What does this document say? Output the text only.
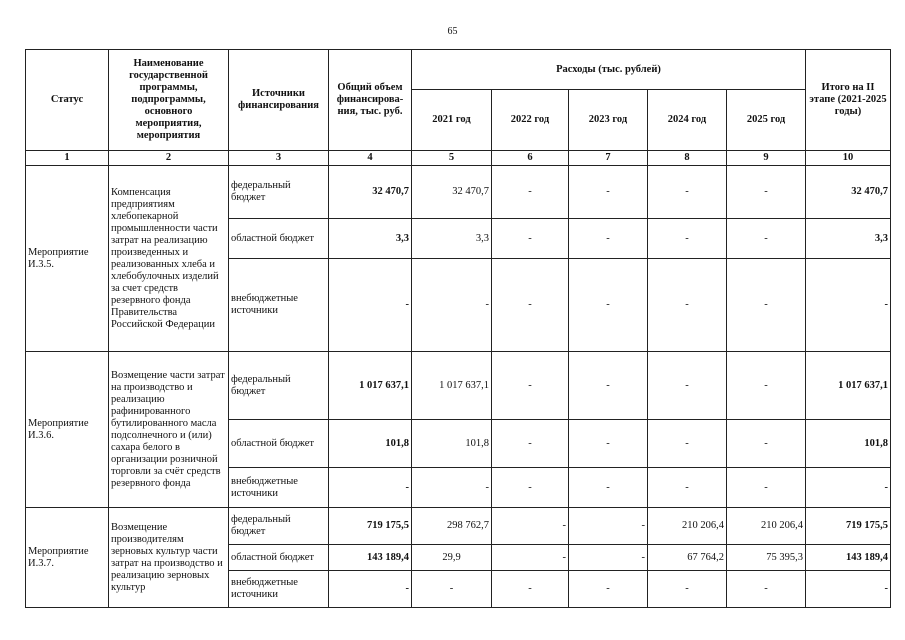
65
Статус	Наименование государственной программы, подпрограммы, основного мероприятия, мероприятия	Источники финансирования	Общий объем финансирова-ния, тыс. руб.	Расходы (тыс. рублей)					Итого на II этапе (2021-2025 годы)
				2021 год	2022 год	2023 год	2024 год	2025 год	
1	2	3	4	5	6	7	8	9	10
Мероприятие И.3.5.	Компенсация предприятиям хлебопекарной промышленности части затрат на реализацию произведенных и реализованных хлеба и хлебобулочных изделий за счет средств резервного фонда Правительства Российской Федерации	федеральный бюджет	32 470,7	32 470,7	-	-	-	-	32 470,7
		областной бюджет	3,3	3,3	-	-	-	-	3,3
		внебюджетные источники	-	-	-	-	-	-	-
Мероприятие И.3.6.	Возмещение части затрат на производство и реализацию рафинированного бутилированного масла подсолнечного и (или) сахара белого в организации розничной торговли за счёт средств резервного фонда	федеральный бюджет	1 017 637,1	1 017 637,1	-	-	-	-	1 017 637,1
		областной бюджет	101,8	101,8	-	-	-	-	101,8
		внебюджетные источники	-	-	-	-	-	-	-
Мероприятие И.3.7.	Возмещение производителям зерновых культур части затрат на производство и реализацию зерновых культур	федеральный бюджет	719 175,5	298 762,7	-	-	210 206,4	210 206,4	719 175,5
		областной бюджет	143 189,4	29,9	-	-	67 764,2	75 395,3	143 189,4
		внебюджетные источники	-	-	-	-	-	-	-
